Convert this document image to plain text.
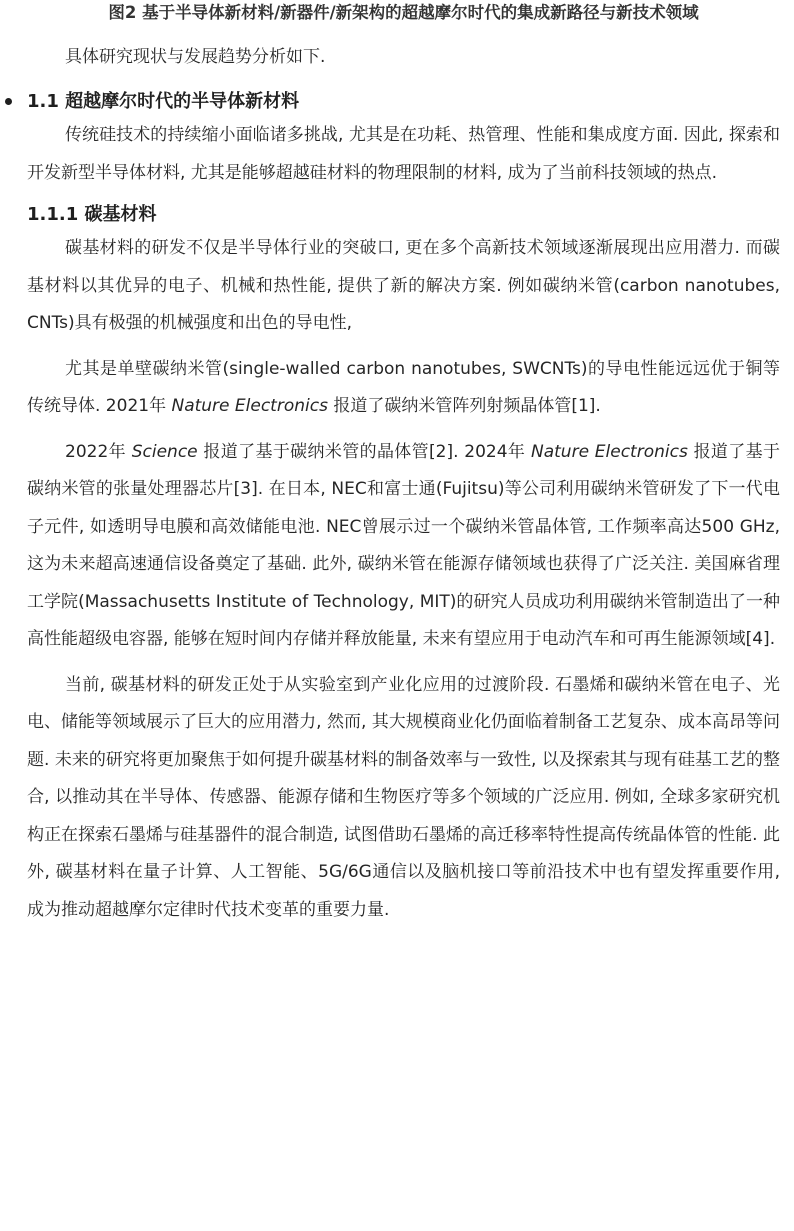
图2 基于半导体新材料/新器件/新架构的超越摩尔时代的集成新路径与新技术领域

具体研究现状与发展趋势分析如下.

1.1 超越摩尔时代的半导体新材料

传统硅技术的持续缩小面临诸多挑战, 尤其是在功耗、热管理、性能和集成度方面. 因此, 探索和开发新型半导体材料, 尤其是能够超越硅材料的物理限制的材料, 成为了当前科技领域的热点.

1.1.1 碳基材料

碳基材料的研发不仅是半导体行业的突破口, 更在多个高新技术领域逐渐展现出应用潜力. 而碳基材料以其优异的电子、机械和热性能, 提供了新的解决方案. 例如碳纳米管(carbon nanotubes, CNTs)具有极强的机械强度和出色的导电性,

尤其是单壁碳纳米管(single-walled carbon nanotubes, SWCNTs)的导电性能远远优于铜等传统导体. 2021年 Nature Electronics 报道了碳纳米管阵列射频晶体管[1].

2022年 Science 报道了基于碳纳米管的晶体管[2]. 2024年 Nature Electronics 报道了基于碳纳米管的张量处理器芯片[3]. 在日本, NEC和富士通(Fujitsu)等公司利用碳纳米管研发了下一代电子元件, 如透明导电膜和高效储能电池. NEC曾展示过一个碳纳米管晶体管, 工作频率高达500 GHz, 这为未来超高速通信设备奠定了基础. 此外, 碳纳米管在能源存储领域也获得了广泛关注. 美国麻省理工学院(Massachusetts Institute of Technology, MIT)的研究人员成功利用碳纳米管制造出了一种高性能超级电容器, 能够在短时间内存储并释放能量, 未来有望应用于电动汽车和可再生能源领域[4].

当前, 碳基材料的研发正处于从实验室到产业化应用的过渡阶段. 石墨烯和碳纳米管在电子、光电、储能等领域展示了巨大的应用潜力, 然而, 其大规模商业化仍面临着制备工艺复杂、成本高昂等问题. 未来的研究将更加聚焦于如何提升碳基材料的制备效率与一致性, 以及探索其与现有硅基工艺的整合, 以推动其在半导体、传感器、能源存储和生物医疗等多个领域的广泛应用. 例如, 全球多家研究机构正在探索石墨烯与硅基器件的混合制造, 试图借助石墨烯的高迁移率特性提高传统晶体管的性能. 此外, 碳基材料在量子计算、人工智能、5G/6G通信以及脑机接口等前沿技术中也有望发挥重要作用, 成为推动超越摩尔定律时代技术变革的重要力量.
